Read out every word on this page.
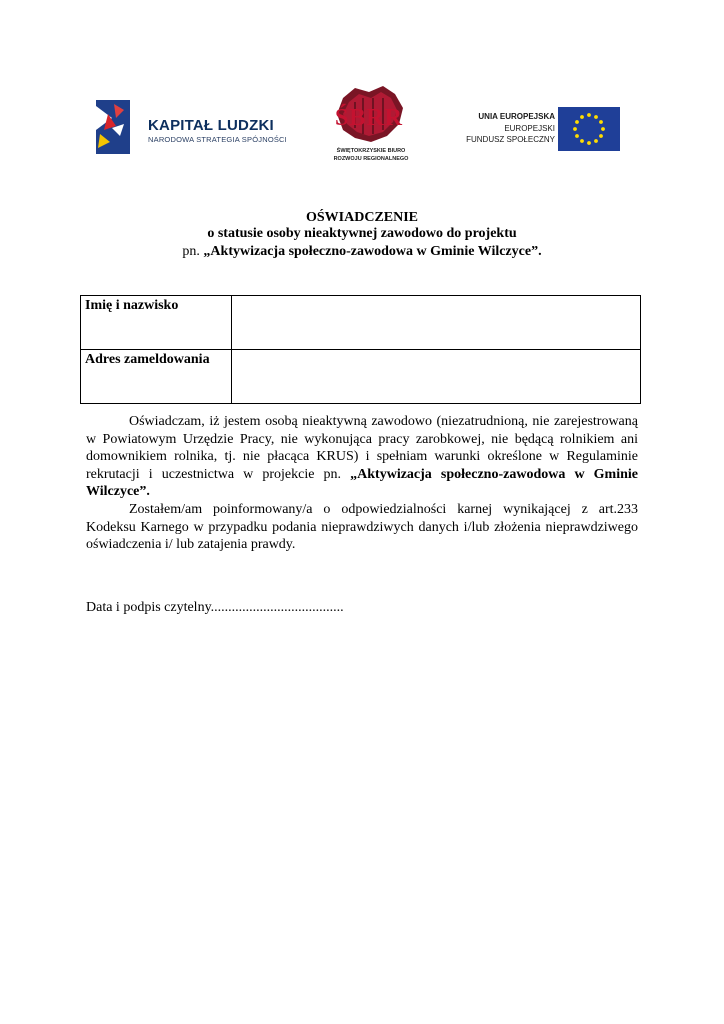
KAPITAŁ LUDZKI
NARODOWA STRATEGIA SPÓJNOŚCI
ŚBRR
ŚWIĘTOKRZYSKIE BIURO
ROZWOJU REGIONALNEGO
UNIA EUROPEJSKA
EUROPEJSKI
FUNDUSZ SPOŁECZNY
OŚWIADCZENIE
o statusie osoby nieaktywnej zawodowo do projektu
pn. „Aktywizacja społeczno-zawodowa w Gminie Wilczyce”.
Imię i nazwisko	
Adres zameldowania	

Oświadczam, iż jestem osobą nieaktywną zawodowo (niezatrudnioną, nie zarejestrowaną w Powiatowym Urzędzie Pracy, nie wykonująca pracy zarobkowej, nie będącą rolnikiem ani domownikiem rolnika, tj. nie płacąca KRUS) i spełniam warunki określone w Regulaminie rekrutacji i uczestnictwa w projekcie pn. „Aktywizacja społeczno-zawodowa w Gminie Wilczyce”.

Zostałem/am poinformowany/a o odpowiedzialności karnej wynikającej z art.233 Kodeksu Karnego w przypadku podania nieprawdziwych danych i/lub złożenia nieprawdziwego oświadczenia i/ lub zatajenia prawdy.

Data i podpis czytelny......................................
